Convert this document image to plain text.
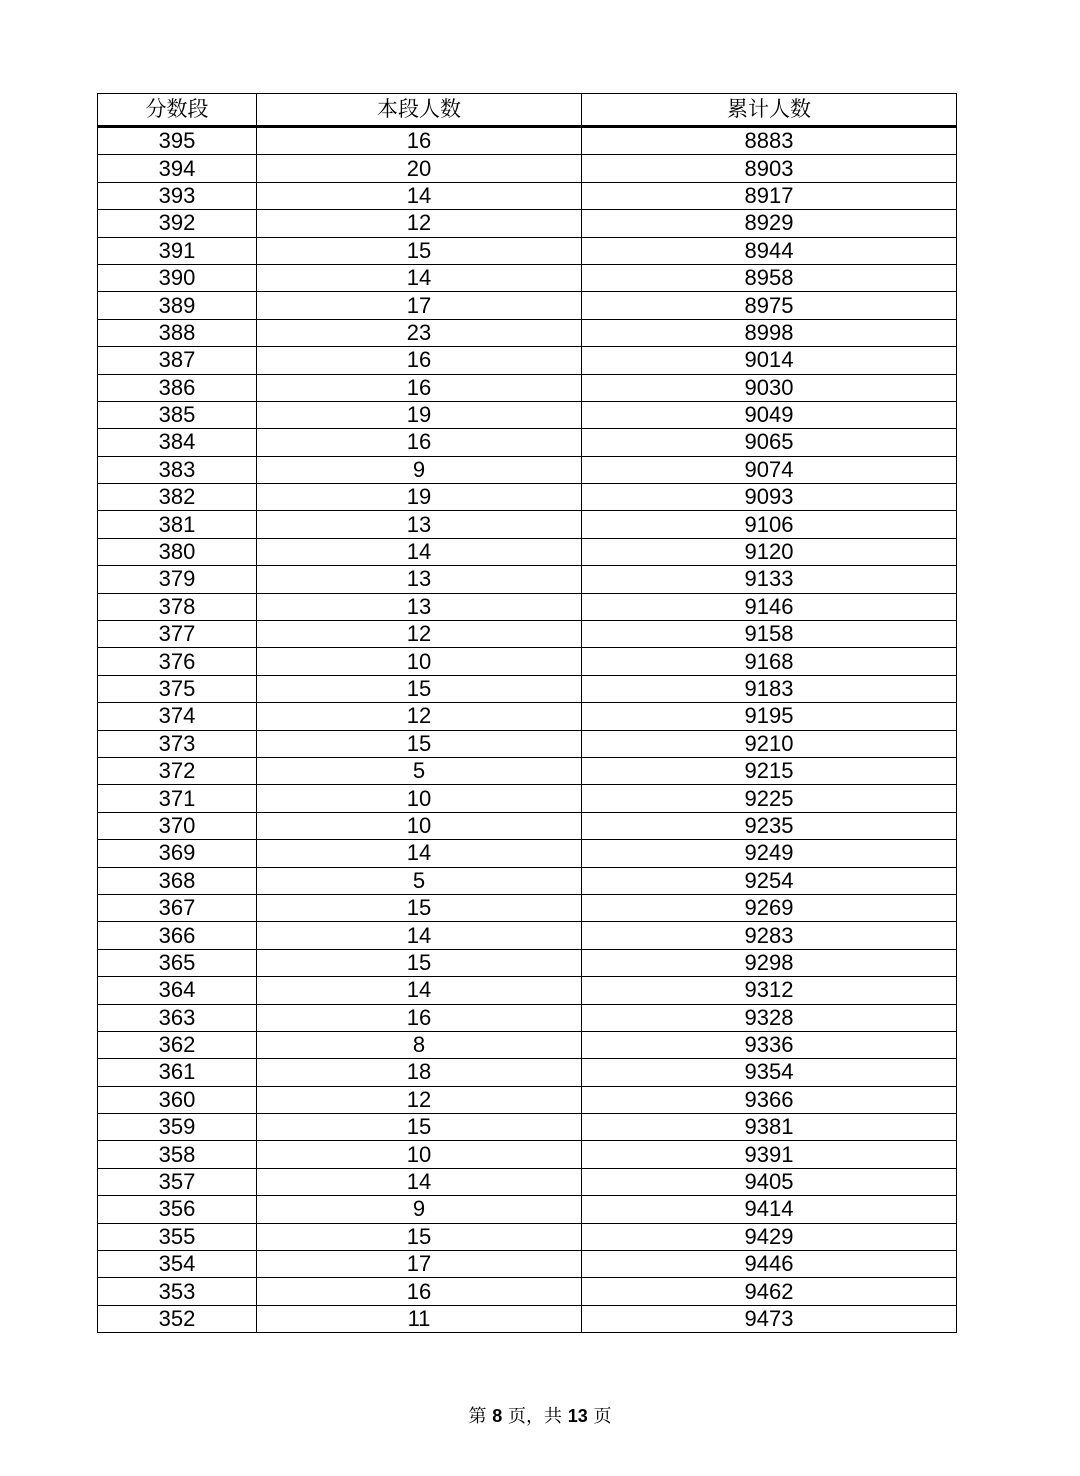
分数段	本段人数	累计人数
395	16	8883
394	20	8903
393	14	8917
392	12	8929
391	15	8944
390	14	8958
389	17	8975
388	23	8998
387	16	9014
386	16	9030
385	19	9049
384	16	9065
383	9	9074
382	19	9093
381	13	9106
380	14	9120
379	13	9133
378	13	9146
377	12	9158
376	10	9168
375	15	9183
374	12	9195
373	15	9210
372	5	9215
371	10	9225
370	10	9235
369	14	9249
368	5	9254
367	15	9269
366	14	9283
365	15	9298
364	14	9312
363	16	9328
362	8	9336
361	18	9354
360	12	9366
359	15	9381
358	10	9391
357	14	9405
356	9	9414
355	15	9429
354	17	9446
353	16	9462
352	11	9473
第 8 页，共 13 页
